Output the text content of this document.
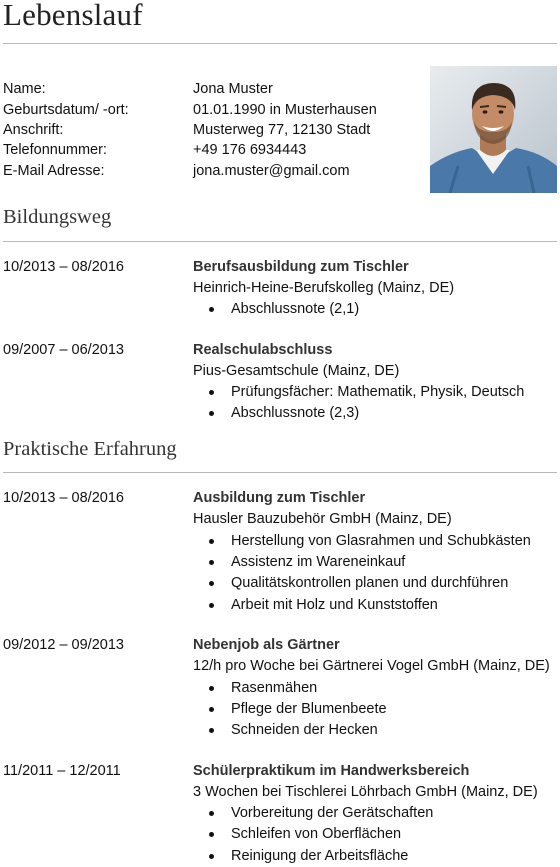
Lebenslauf
Name:	Jona Muster
Geburtsdatum/ -ort:	01.01.1990 in Musterhausen
Anschrift:	Musterweg 77, 12130 Stadt
Telefonnummer:	+49 176 6934443
E-Mail Adresse:	jona.muster@gmail.com
Bildungsweg
10/2013 – 08/2016	Berufsausbildung zum Tischler
Heinrich-Heine-Berufskolleg (Mainz, DE)
Abschlussnote (2,1)
09/2007 – 06/2013	Realschulabschluss
Pius-Gesamtschule (Mainz, DE)
Prüfungsfächer: Mathematik, Physik, Deutsch
Abschlussnote (2,3)
Praktische Erfahrung
10/2013 – 08/2016	Ausbildung zum Tischler
Hausler Bauzubehör GmbH (Mainz, DE)
Herstellung von Glasrahmen und Schubkästen
Assistenz im Wareneinkauf
Qualitätskontrollen planen und durchführen
Arbeit mit Holz und Kunststoffen
09/2012 – 09/2013	Nebenjob als Gärtner
12/h pro Woche bei Gärtnerei Vogel GmbH (Mainz, DE)
Rasenmähen
Pflege der Blumenbeete
Schneiden der Hecken
11/2011 – 12/2011	Schülerpraktikum im Handwerksbereich
3 Wochen bei Tischlerei Löhrbach GmbH (Mainz, DE)
Vorbereitung der Gerätschaften
Schleifen von Oberflächen
Reinigung der Arbeitsfläche
